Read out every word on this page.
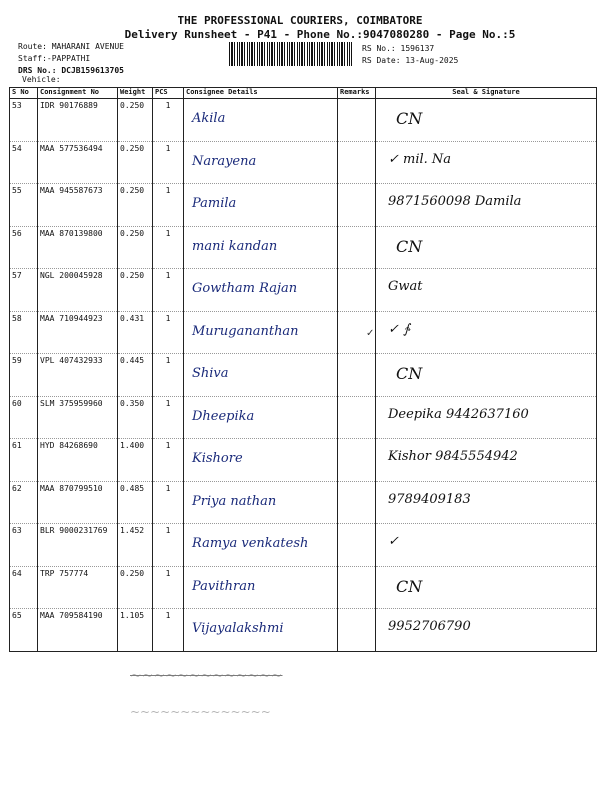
THE PROFESSIONAL COURIERS, COIMBATORE
Delivery Runsheet - P41 - Phone No.:9047080280 - Page No.:5
Route: MAHARANI AVENUE
Staff:-PAPPATHI
DRS No.: DCJB159613705
Vehicle:
RS No.: 1596137
RS Date: 13-Aug-2025
S No	Consignment No	Weight	PCS	Consignee Details	Remarks	Seal & Signature
53	IDR 90176889	0.250	1	Akila		CN

54	MAA 577536494	0.250	1	Narayena		✓ mil. Na

55	MAA 945587673	0.250	1	Pamila		9871560098 Damila

56	MAA 870139800	0.250	1	mani kandan		CN

57	NGL 200045928	0.250	1	Gowtham Rajan		Gwat

58	MAA 710944923	0.431	1	Murugananthan	✓	✓ ∱

59	VPL 407432933	0.445	1	Shiva		CN

60	SLM 375959960	0.350	1	Dheepika		Deepika 9442637160

61	HYD 84268690	1.400	1	Kishore		Kishor 9845554942

62	MAA 870799510	0.485	1	Priya nathan		9789409183

63	BLR 9000231769	1.452	1	Ramya venkatesh		✓

64	TRP 757774	0.250	1	Pavithran		CN

65	MAA 709584190	1.105	1	Vijayalakshmi		9952706790
~~~~~~~~~~~~~
~~~~~~~~~~~~~~
